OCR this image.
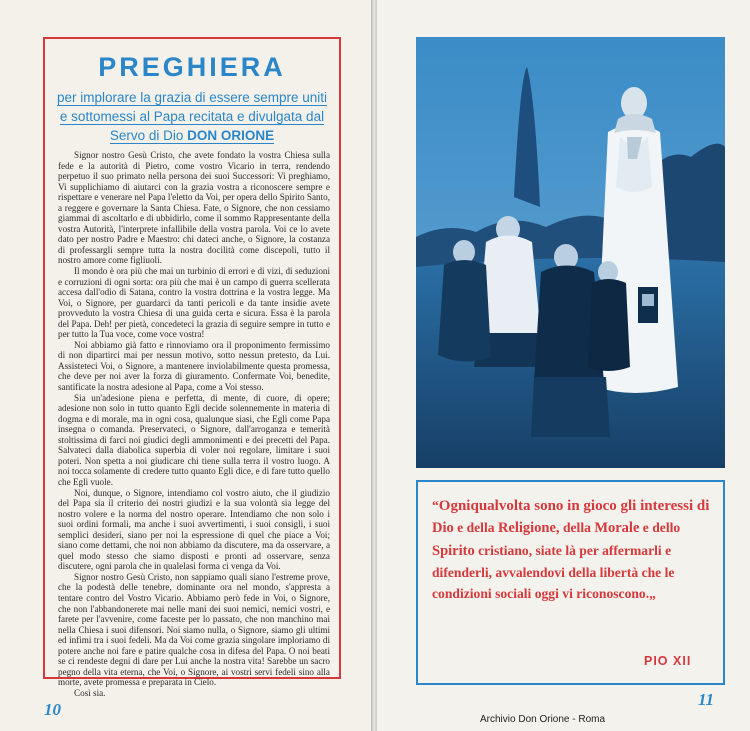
PREGHIERA
per implorare la grazia di essere sempre uniti
e sottomessi al Papa recitata e divulgata dal
Servo di Dio DON ORIONE

Signor nostro Gesù Cristo, che avete fondato la vostra Chiesa sulla fede e la autorità di Pietro, come vostro Vicario in terra, rendendo perpetuo il suo primato nella persona dei suoi Successori: Vi preghiamo, Vi supplichiamo di aiutarci con la grazia vostra a riconoscere sempre e rispettare e venerare nel Papa l'eletto da Voi, per opera dello Spirito Santo, a reggere e governare la Santa Chiesa. Fate, o Signore, che non cessiamo giammai di ascoltarlo e di ubbidirlo, come il sommo Rappresentante della vostra Autorità, l'interprete infallibile della vostra parola. Voi ce lo avete dato per nostro Padre e Maestro: chi dateci anche, o Signore, la costanza di professargli sempre tutta la nostra docilità come discepoli, tutto il nostro amore come figliuoli.

Il mondo è ora più che mai un turbinio di errori e di vizi, di seduzioni e corruzioni di ogni sorta: ora più che mai è un campo di guerra scellerata accesa dall'odio di Satana, contro la vostra dottrina e la vostra legge. Ma Voi, o Signore, per guardarci da tanti pericoli e da tante insidie avete provveduto la vostra Chiesa di una guida certa e sicura. Essa è la parola del Papa. Deh! per pietà, concedeteci la grazia di seguire sempre in tutto e per tutto la Tua voce, come voce vostra!

Noi abbiamo già fatto e rinnoviamo ora il proponimento fermissimo di non dipartirci mai per nessun motivo, sotto nessun pretesto, da Lui. Assisteteci Voi, o Signore, a mantenere inviolabilmente questa promessa, che deve per noi aver la forza di giuramento. Confermate Voi, benedite, santificate la nostra adesione al Papa, come a Voi stesso.

Sia un'adesione piena e perfetta, di mente, di cuore, di opere; adesione non solo in tutto quanto Egli decide solennemente in materia di dogma e di morale, ma in ogni cosa, qualunque siasi, che Egli come Papa insegna o comanda. Preservateci, o Signore, dall'arroganza e temerità stoltissima di farci noi giudici degli ammonimenti e dei precetti del Papa. Salvateci dalla diabolica superbia di voler noi regolare, limitare i suoi poteri. Non spetta a noi giudicare chi tiene sulla terra il vostro luogo. A noi tocca solamente di credere tutto quanto Egli dice, e di fare tutto quello che Egli vuole.

Noi, dunque, o Signore, intendiamo col vostro aiuto, che il giudizio del Papa sia il criterio dei nostri giudizi e la sua volontà sia legge del nostro volere e la norma del nostro operare. Intendiamo che non solo i suoi ordini formali, ma anche i suoi avvertimenti, i suoi consigli, i suoi semplici desideri, siano per noi la espressione di quel che piace a Voi; siano come dettami, che noi non abbiamo da discutere, ma da osservare, a quel modo stesso che siamo disposti e pronti ad osservare, senza discutere, ogni parola che in qualelasi forma ci venga da Voi.

Signor nostro Gesù Cristo, non sappiamo quali siano l'estreme prove, che la podestà delle tenebre, dominante ora nel mondo, s'appresta a tentare contro del Vostro Vicario. Abbiamo però fede in Voi, o Signore, che non l'abbandonerete mai nelle mani dei suoi nemici, nemici vostri, e farete per l'avvenire, come faceste per lo passato, che non manchino mai nella Chiesa i suoi difensori. Noi siamo nulla, o Signore, siamo gli ultimi ed infimi tra i suoi fedeli. Ma da Voi come grazia singolare imploriamo di potere anche noi fare e patire qualche cosa in difesa del Papa. O noi beati se ci rendeste degni di dare per Lui anche la nostra vita! Sarebbe un sacro pegno della vita eterna, che Voi, o Signore, ai vostri servi fedeli sino alla morte, avete promessa e preparata in Cielo.

Così sia.

10
“Ogniqualvolta sono in gioco gli interessi di Dio e della Religione, della Morale e dello Spirito cristiano, siate là per affermarli e difenderli, avvalendovi della libertà che le condizioni sociali oggi vi riconoscono.„
PIO XII
11
Archivio Don Orione - Roma
